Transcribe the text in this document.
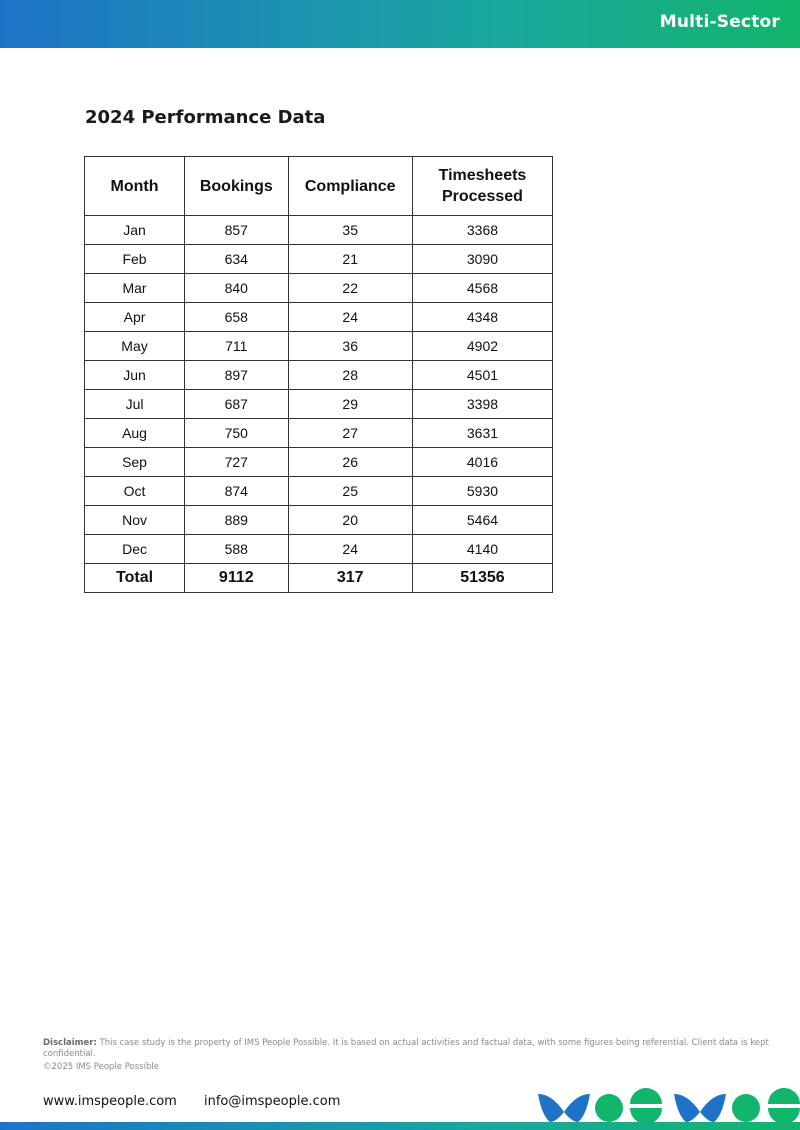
Multi-Sector
2024 Performance Data
Month	Bookings	Compliance	Timesheets
Processed
Jan	857	35	3368
Feb	634	21	3090
Mar	840	22	4568
Apr	658	24	4348
May	711	36	4902
Jun	897	28	4501
Jul	687	29	3398
Aug	750	27	3631
Sep	727	26	4016
Oct	874	25	5930
Nov	889	20	5464
Dec	588	24	4140
Total	9112	317	51356
Disclaimer: This case study is the property of IMS People Possible. It is based on actual activities and factual data, with some figures being referential. Client data is kept confidential.
©2025 IMS People Possible
www.imspeople.com info@imspeople.com
